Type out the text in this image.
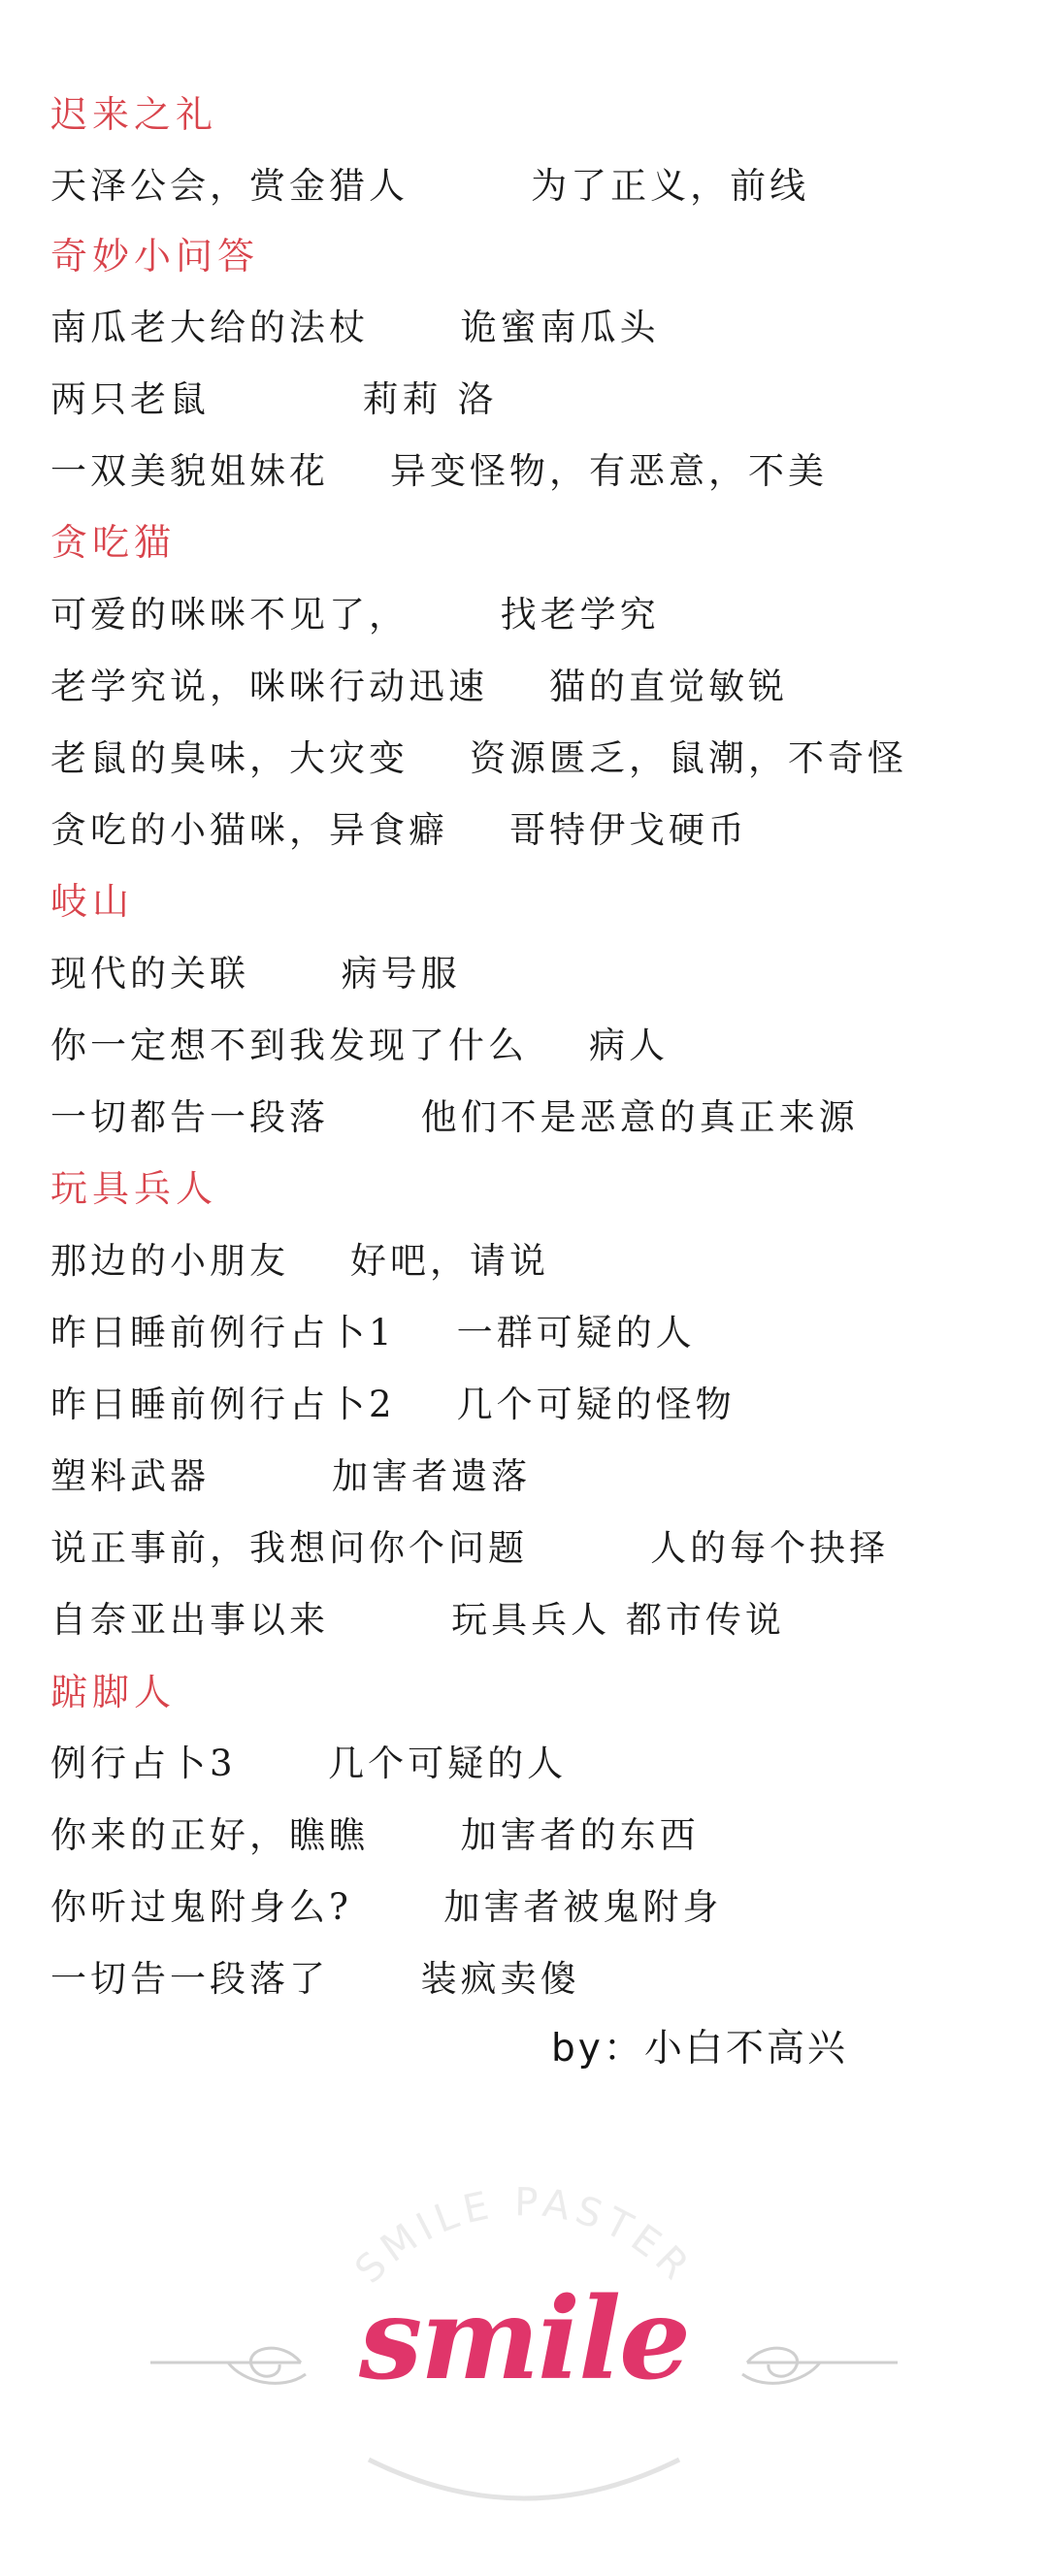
迟来之礼
天泽公会，赏金猎人        为了正义，前线
奇妙小问答
南瓜老大给的法杖      诡蜜南瓜头
两只老鼠          莉莉 洛
一双美貌姐妹花    异变怪物，有恶意，不美
贪吃猫
可爱的咪咪不见了，      找老学究
老学究说，咪咪行动迅速    猫的直觉敏锐
老鼠的臭味，大灾变    资源匮乏，鼠潮，不奇怪
贪吃的小猫咪，异食癖    哥特伊戈硬币
岐山
现代的关联      病号服
你一定想不到我发现了什么    病人
一切都告一段落      他们不是恶意的真正来源
玩具兵人
那边的小朋友    好吧，请说
昨日睡前例行占卜1    一群可疑的人
昨日睡前例行占卜2    几个可疑的怪物
塑料武器        加害者遗落
说正事前，我想问你个问题        人的每个抉择
自奈亚出事以来        玩具兵人 都市传说
踮脚人
例行占卜3      几个可疑的人
你来的正好，瞧瞧      加害者的东西
你听过鬼附身么?      加害者被鬼附身
一切告一段落了      装疯卖傻
by：小白不高兴
SMILE PASTER
smile
